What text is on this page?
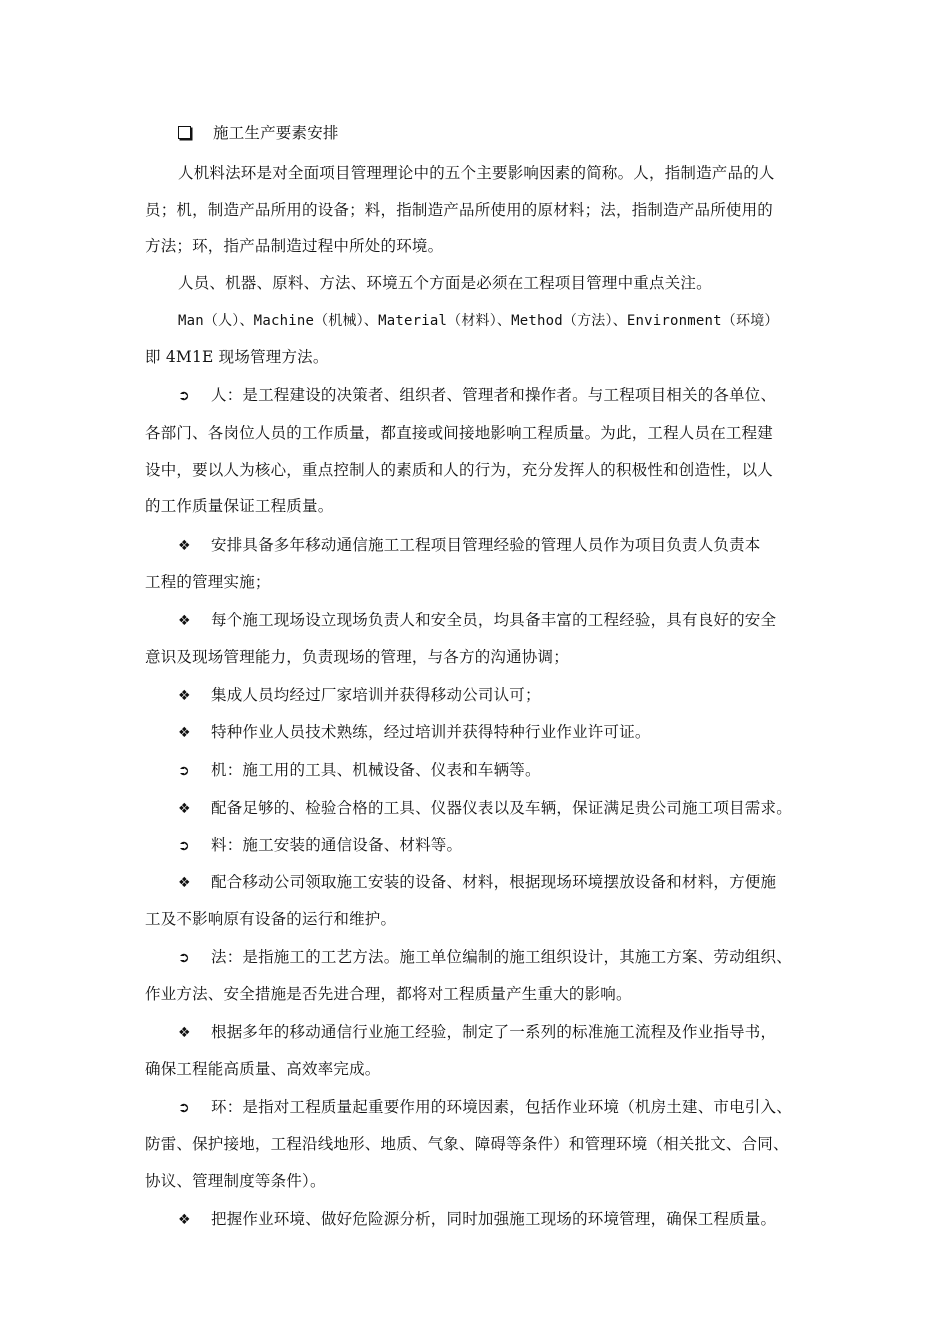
施工生产要素安排
人机料法环是对全面项目管理理论中的五个主要影响因素的简称。人，指制造产品的人
员；机，制造产品所用的设备；料，指制造产品所使用的原材料；法，指制造产品所使用的
方法；环，指产品制造过程中所处的环境。
人员、机器、原料、方法、环境五个方面是必须在工程项目管理中重点关注。
Man（人）、Machine（机械）、Material（材料）、Method（方法）、Environment（环境）
即 4M1E 现场管理方法。
➲ 人：是工程建设的决策者、组织者、管理者和操作者。与工程项目相关的各单位、
各部门、各岗位人员的工作质量，都直接或间接地影响工程质量。为此，工程人员在工程建
设中，要以人为核心，重点控制人的素质和人的行为，充分发挥人的积极性和创造性，以人
的工作质量保证工程质量。
❖ 安排具备多年移动通信施工工程项目管理经验的管理人员作为项目负责人负责本
工程的管理实施；
❖ 每个施工现场设立现场负责人和安全员，均具备丰富的工程经验，具有良好的安全
意识及现场管理能力，负责现场的管理，与各方的沟通协调；
❖ 集成人员均经过厂家培训并获得移动公司认可；
❖ 特种作业人员技术熟练，经过培训并获得特种行业作业许可证。
➲ 机：施工用的工具、机械设备、仪表和车辆等。
❖ 配备足够的、检验合格的工具、仪器仪表以及车辆，保证满足贵公司施工项目需求。
➲ 料：施工安装的通信设备、材料等。
❖ 配合移动公司领取施工安装的设备、材料，根据现场环境摆放设备和材料，方便施
工及不影响原有设备的运行和维护。
➲ 法：是指施工的工艺方法。施工单位编制的施工组织设计，其施工方案、劳动组织、
作业方法、安全措施是否先进合理，都将对工程质量产生重大的影响。
❖ 根据多年的移动通信行业施工经验，制定了一系列的标准施工流程及作业指导书，
确保工程能高质量、高效率完成。
➲ 环：是指对工程质量起重要作用的环境因素，包括作业环境（机房土建、市电引入、
防雷、保护接地，工程沿线地形、地质、气象、障碍等条件）和管理环境（相关批文、合同、
协议、管理制度等条件）。
❖ 把握作业环境、做好危险源分析，同时加强施工现场的环境管理，确保工程质量。
